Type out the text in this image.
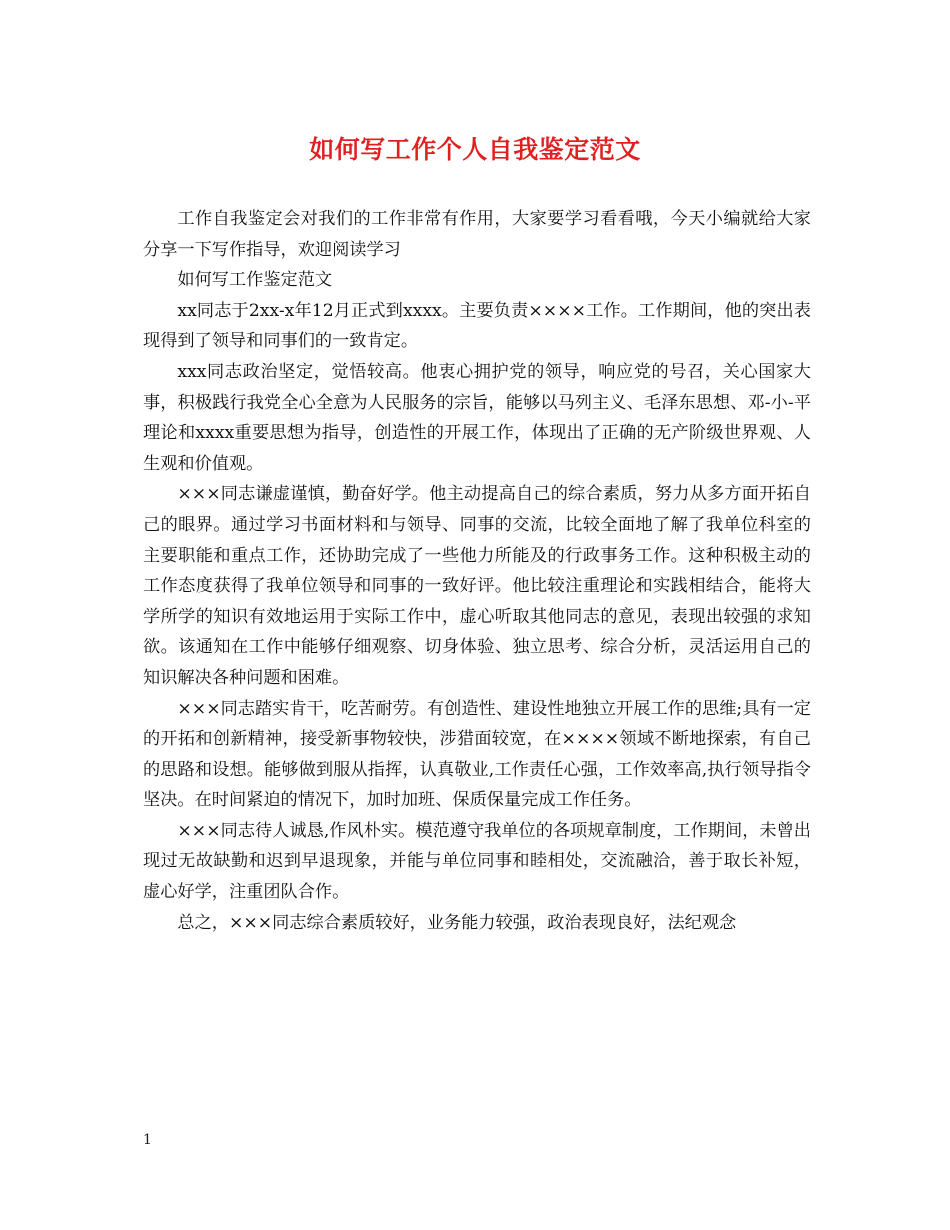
如何写工作个人自我鉴定范文

工作自我鉴定会对我们的工作非常有作用，大家要学习看看哦，今天小编就给大家分享一下写作指导，欢迎阅读学习

如何写工作鉴定范文

xx同志于2xx-x年12月正式到xxxx。主要负责××××工作。工作期间，他的突出表现得到了领导和同事们的一致肯定。

xxx同志政治坚定，觉悟较高。他衷心拥护党的领导，响应党的号召，关心国家大事，积极践行我党全心全意为人民服务的宗旨，能够以马列主义、毛泽东思想、邓-小-平理论和xxxx重要思想为指导，创造性的开展工作，体现出了正确的无产阶级世界观、人生观和价值观。

×××同志谦虚谨慎，勤奋好学。他主动提高自己的综合素质，努力从多方面开拓自己的眼界。通过学习书面材料和与领导、同事的交流，比较全面地了解了我单位科室的主要职能和重点工作，还协助完成了一些他力所能及的行政事务工作。这种积极主动的工作态度获得了我单位领导和同事的一致好评。他比较注重理论和实践相结合，能将大学所学的知识有效地运用于实际工作中，虚心听取其他同志的意见，表现出较强的求知欲。该通知在工作中能够仔细观察、切身体验、独立思考、综合分析，灵活运用自己的知识解决各种问题和困难。

×××同志踏实肯干，吃苦耐劳。有创造性、建设性地独立开展工作的思维;具有一定的开拓和创新精神，接受新事物较快，涉猎面较宽，在××××领域不断地探索，有自己的思路和设想。能够做到服从指挥，认真敬业,工作责任心强，工作效率高,执行领导指令坚决。在时间紧迫的情况下，加时加班、保质保量完成工作任务。

×××同志待人诚恳,作风朴实。模范遵守我单位的各项规章制度，工作期间，未曾出现过无故缺勤和迟到早退现象，并能与单位同事和睦相处，交流融洽，善于取长补短，虚心好学，注重团队合作。

总之，×××同志综合素质较好，业务能力较强，政治表现良好，法纪观念

1
